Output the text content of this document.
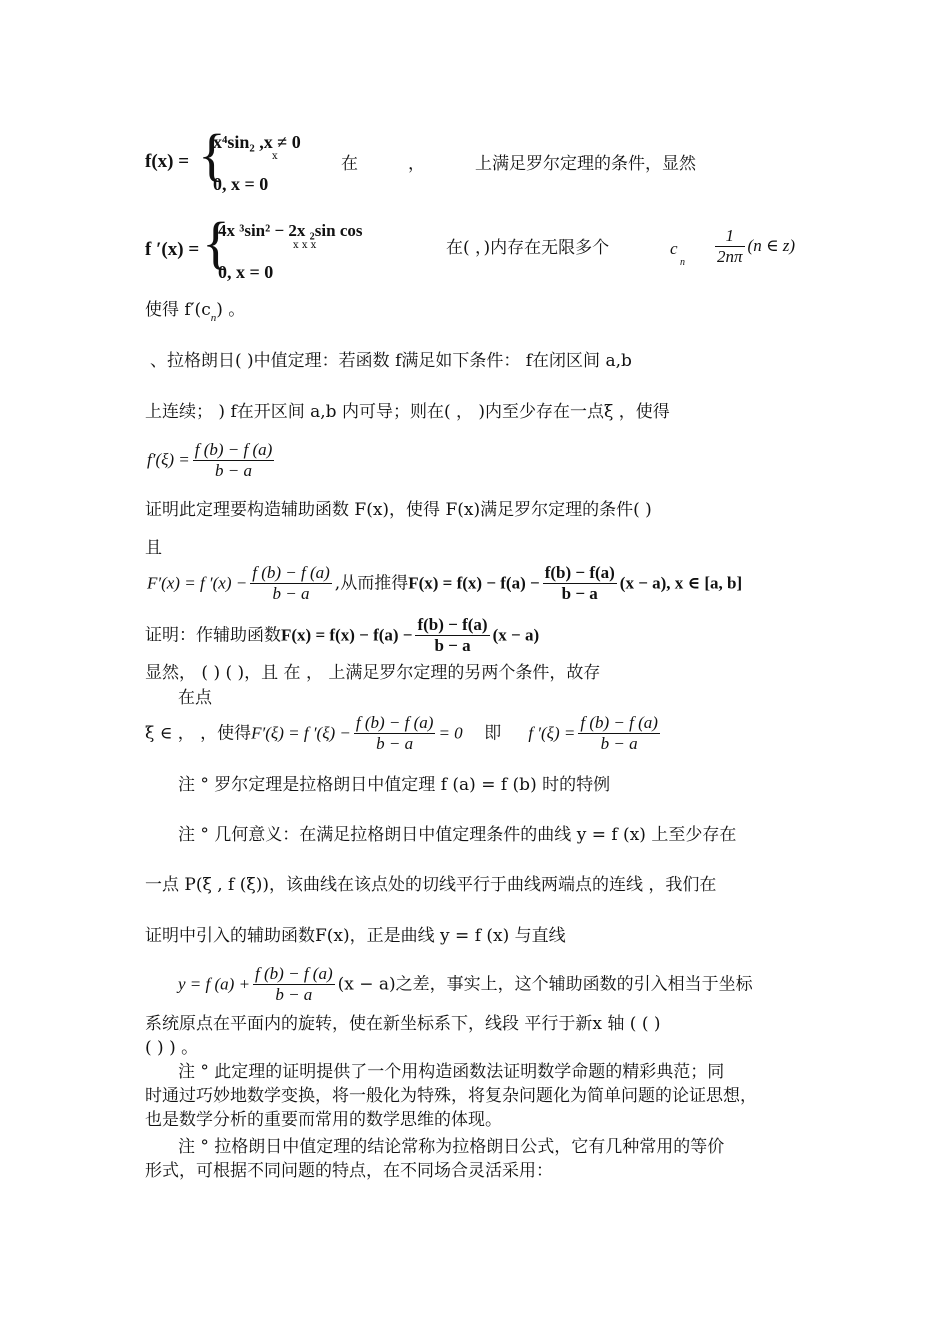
f(x) = {
x⁴sin₂ ,x ≠ 0
x
0, x = 0
在	，	上满足罗尔定理的条件，显然
f ′(x) = {
4x ³sin² − 2x ₂sin cos
x x x
0, x = 0
在( ，)内存在无限多个	c
n $\frac{1}{2n\pi} (n$ ∈ z)
使得 $f'(c_n)$ 。
、拉格朗日( )中值定理：若函数 f满足如下条件： f在闭区间 a,b
上连续； ) f在开区间 a,b 内可导；则在( ， )内至少存在一点ξ ，使得
$f'(\xi) = \frac{f (b) - f (a)}{b - a}$
证明此定理要构造辅助函数 F(x)，使得 F(x)满足罗尔定理的条件( )
且
F′(x) = f $'(x) - \frac{f (b) - f (a)}{b - a}$ ,从而推得$F(x) = f(x) - f(a) - \frac{f(b) - f(a)}{b - a} (x - a)$, x ∈ [a, b]
证明：作辅助函数$F(x) = f(x) - f(a) - \frac{f(b) - f(a)}{b - a} (x - a)$
显然， ( ) ( )，且 在 ， 上满足罗尔定理的另两个条件，故存
在点
ξ ∈ ， ，使得F′(ξ) = f $'(\xi) - \frac{f (b) - f (a)}{b - a} = 0$ 即 f $'(\xi) = \frac{f (b) - f (a)}{b - a}$
注 ° 罗尔定理是拉格朗日中值定理 f (a) = f (b) 时的特例
注 ° 几何意义：在满足拉格朗日中值定理条件的曲线 y = f (x) 上至少存在
一点 P(ξ , f (ξ))，该曲线在该点处的切线平行于曲线两端点的连线 ，我们在
证明中引入的辅助函数F(x)，正是曲线 y = f (x) 与直线
y = f $(a) + \frac{f (b) - f (a)}{b - a} (x - a)$之差，事实上，这个辅助函数的引入相当于坐标
系统原点在平面内的旋转，使在新坐标系下，线段 平行于新x 轴 ( ( )
( ) ) 。
注 ° 此定理的证明提供了一个用构造函数法证明数学命题的精彩典范；同
时通过巧妙地数学变换，将一般化为特殊，将复杂问题化为简单问题的论证思想，
也是数学分析的重要而常用的数学思维的体现。
注 ° 拉格朗日中值定理的结论常称为拉格朗日公式，它有几种常用的等价
形式，可根据不同问题的特点，在不同场合灵活采用：
